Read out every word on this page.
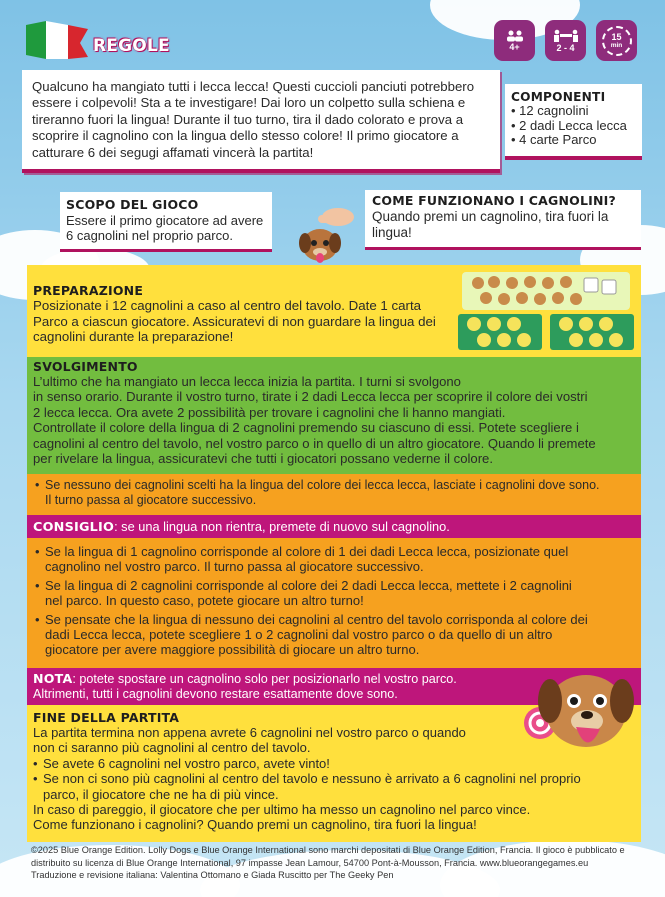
REGOLE	4+	2 - 4
15
min

Qualcuno ha mangiato tutti i lecca lecca! Questi cuccioli panciuti potrebbero essere i colpevoli! Sta a te investigare! Dai loro un colpetto sulla schiena e tireranno fuori la lingua! Durante il tuo turno, tira il dado colorato e prova a scoprire il cagnolino con la lingua dello stesso colore! Il primo giocatore a catturare 6 dei segugi affamati vincerà la partita!

COMPONENTI
• 12 cagnolini
• 2 dadi Lecca lecca
• 4 carte Parco
SCOPO DEL GIOCO

Essere il primo giocatore ad avere 6 cagnolini nel proprio parco.

COME FUNZIONANO I CAGNOLINI?

Quando premi un cagnolino, tira fuori la lingua!

PREPARAZIONE

Posizionate i 12 cagnolini a caso al centro del tavolo. Date 1 carta Parco a ciascun giocatore. Assicuratevi di non guardare la lingua dei cagnolini durante la preparazione!

SVOLGIMENTO

L’ultimo che ha mangiato un lecca lecca inizia la partita. I turni si svolgono

in senso orario. Durante il vostro turno, tirate i 2 dadi Lecca lecca per scoprire il colore dei vostri

2 lecca lecca. Ora avete 2 possibilità per trovare i cagnolini che li hanno mangiati.

Controllate il colore della lingua di 2 cagnolini premendo su ciascuno di essi. Potete scegliere i

cagnolini al centro del tavolo, nel vostro parco o in quello di un altro giocatore. Quando li premete

per rivelare la lingua, assicuratevi che tutti i giocatori possano vederne il colore.

• Se nessuno dei cagnolini scelti ha la lingua del colore dei lecca lecca, lasciate i cagnolini dove sono.
Il turno passa al giocatore successivo.

CONSIGLIO: se una lingua non rientra, premete di nuovo sul cagnolino.

• Se la lingua di 1 cagnolino corrisponde al colore di 1 dei dadi Lecca lecca, posizionate quel
cagnolino nel vostro parco. Il turno passa al giocatore successivo.
• Se la lingua di 2 cagnolini corrisponde al colore dei 2 dadi Lecca lecca, mettete i 2 cagnolini
nel parco. In questo caso, potete giocare un altro turno!
• Se pensate che la lingua di nessuno dei cagnolini al centro del tavolo corrisponda al colore dei
dadi Lecca lecca, potete scegliere 1 o 2 cagnolini dal vostro parco o da quello di un altro
giocatore per avere maggiore possibilità di giocare un altro turno.

NOTA: potete spostare un cagnolino solo per posizionarlo nel vostro parco.
Altrimenti, tutti i cagnolini devono restare esattamente dove sono.

FINE DELLA PARTITA

La partita termina non appena avrete 6 cagnolini nel vostro parco o quando

non ci saranno più cagnolini al centro del tavolo.

• Se avete 6 cagnolini nel vostro parco, avete vinto!
• Se non ci sono più cagnolini al centro del tavolo e nessuno è arrivato a 6 cagnolini nel proprio
parco, il giocatore che ne ha di più vince.

In caso di pareggio, il giocatore che per ultimo ha messo un cagnolino nel parco vince.

Come funzionano i cagnolini? Quando premi un cagnolino, tira fuori la lingua!

©2025 Blue Orange Edition. Lolly Dogs e Blue Orange International sono marchi depositati di Blue Orange Edition, Francia. Il gioco è pubblicato e

distribuito su licenza di Blue Orange International, 97 impasse Jean Lamour, 54700 Pont-à-Mousson, Francia. www.blueorangegames.eu

Traduzione e revisione italiana: Valentina Ottomano e Giada Ruscitto per The Geeky Pen
